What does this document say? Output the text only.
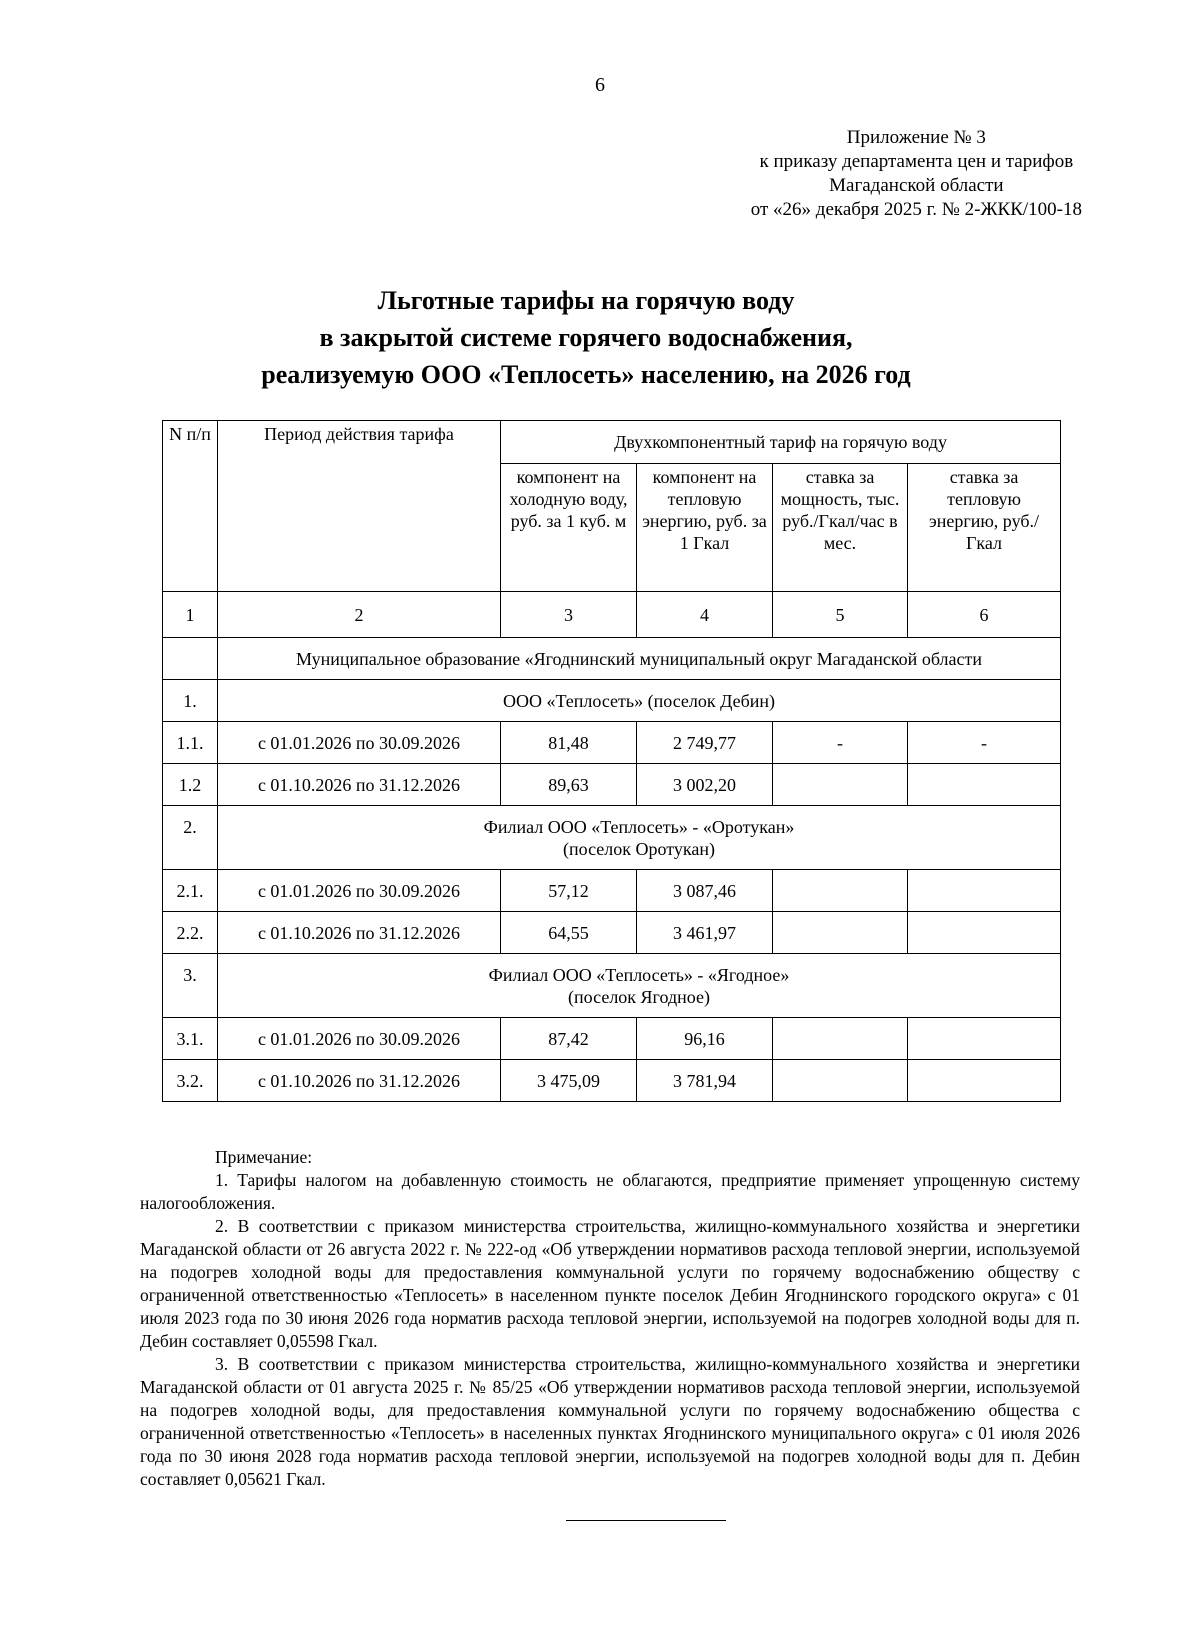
6
Приложение № 3
к приказу департамента цен и тарифов
Магаданской области
от «26» декабря 2025 г. № 2-ЖКК/100-18
Льготные тарифы на горячую воду
в закрытой системе горячего водоснабжения,
реализуемую ООО «Теплосеть» населению, на 2026 год
N п/п	Период действия тарифа	Двухкомпонентный тариф на горячую воду			
		компонент на холодную воду, руб. за 1 куб. м	компонент на тепловую энергию, руб. за 1 Гкал	ставка за мощность, тыс. руб./Гкал/час в мес.	ставка за тепловую энергию, руб./Гкал
1	2	3	4	5	6
	Муниципальное образование «Ягоднинский муниципальный округ Магаданской области				
1.	ООО «Теплосеть» (поселок Дебин)				

1.1.	с 01.01.2026 по 30.09.2026	81,48	2 749,77	-	-
1.2	с 01.10.2026 по 31.12.2026	89,63	3 002,20		
2.	Филиал ООО «Теплосеть» - «Оротукан»
(поселок Оротукан)				

2.1.	с 01.01.2026 по 30.09.2026	57,12	3 087,46		
2.2.	с 01.10.2026 по 31.12.2026	64,55	3 461,97		
3.	Филиал ООО «Теплосеть» - «Ягодное»
(поселок Ягодное)				

3.1.	с 01.01.2026 по 30.09.2026	87,42	96,16		
3.2.	с 01.10.2026 по 31.12.2026	3 475,09	3 781,94		

Примечание:

1. Тарифы налогом на добавленную стоимость не облагаются, предприятие применяет упрощенную систему налогообложения.

2. В соответствии с приказом министерства строительства, жилищно-коммунального хозяйства и энергетики Магаданской области от 26 августа 2022 г. № 222-од «Об утверждении нормативов расхода тепловой энергии, используемой на подогрев холодной воды для предоставления коммунальной услуги по горячему водоснабжению обществу с ограниченной ответственностью «Теплосеть» в населенном пункте поселок Дебин Ягоднинского городского округа» с 01 июля 2023 года по 30 июня 2026 года норматив расхода тепловой энергии, используемой на подогрев холодной воды для п. Дебин составляет 0,05598 Гкал.

3. В соответствии с приказом министерства строительства, жилищно-коммунального хозяйства и энергетики Магаданской области от 01 августа 2025 г. № 85/25 «Об утверждении нормативов расхода тепловой энергии, используемой на подогрев холодной воды, для предоставления коммунальной услуги по горячему водоснабжению общества с ограниченной ответственностью «Теплосеть» в населенных пунктах Ягоднинского муниципального округа» с 01 июля 2026 года по 30 июня 2028 года норматив расхода тепловой энергии, используемой на подогрев холодной воды для п. Дебин составляет 0,05621 Гкал.
